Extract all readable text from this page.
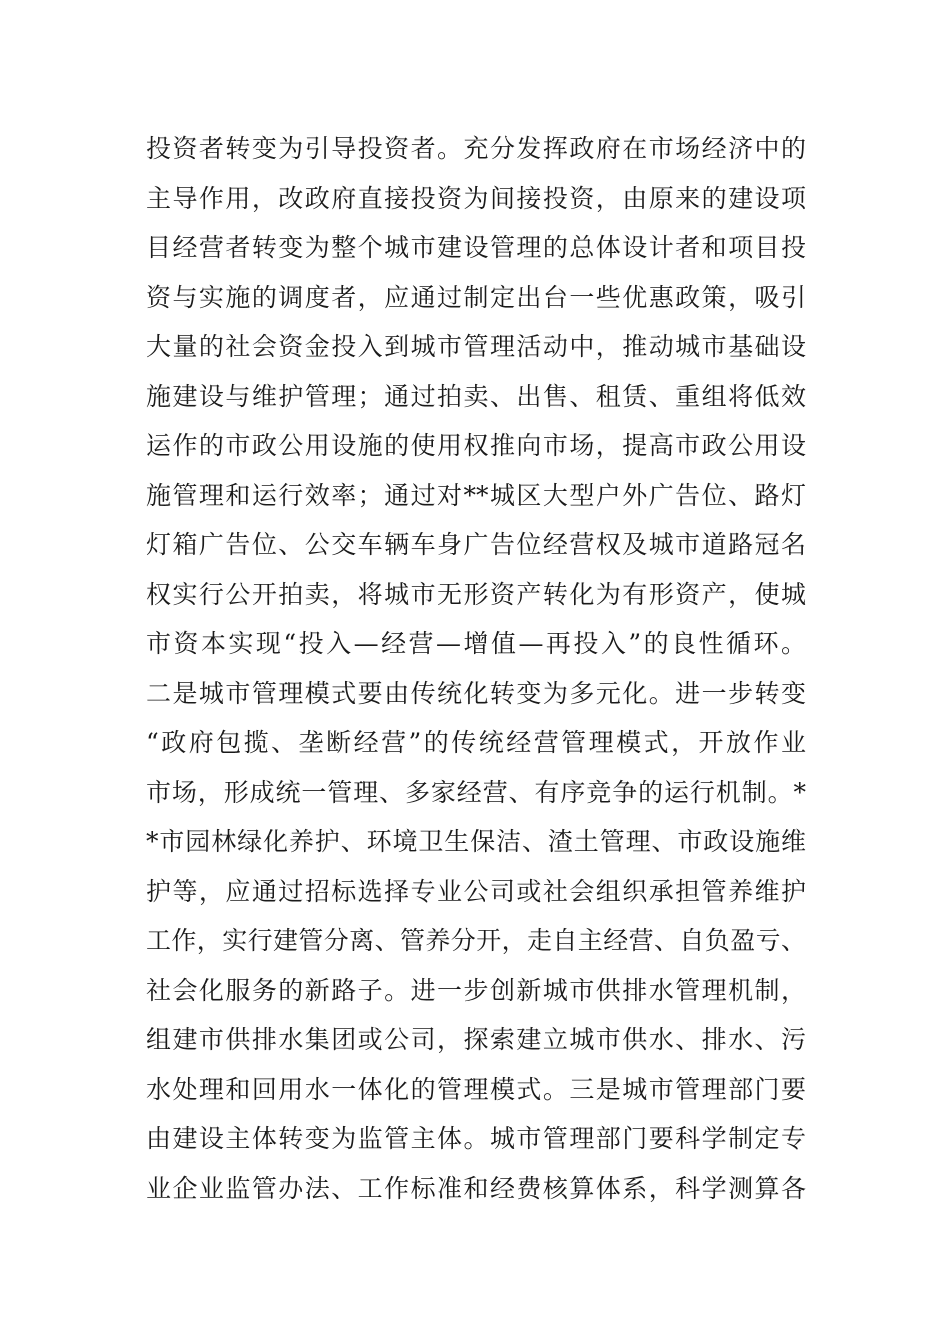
投资者转变为引导投资者。充分发挥政府在市场经济中的
主导作用，改政府直接投资为间接投资，由原来的建设项
目经营者转变为整个城市建设管理的总体设计者和项目投
资与实施的调度者，应通过制定出台一些优惠政策，吸引
大量的社会资金投入到城市管理活动中，推动城市基础设
施建设与维护管理；通过拍卖、出售、租赁、重组将低效
运作的市政公用设施的使用权推向市场，提高市政公用设
施管理和运行效率；通过对**城区大型户外广告位、路灯
灯箱广告位、公交车辆车身广告位经营权及城市道路冠名
权实行公开拍卖，将城市无形资产转化为有形资产，使城
市资本实现“投入—经营—增值—再投入”的良性循环。
二是城市管理模式要由传统化转变为多元化。进一步转变
“政府包揽、垄断经营”的传统经营管理模式，开放作业
市场，形成统一管理、多家经营、有序竞争的运行机制。*
*市园林绿化养护、环境卫生保洁、渣土管理、市政设施维
护等，应通过招标选择专业公司或社会组织承担管养维护
工作，实行建管分离、管养分开，走自主经营、自负盈亏、
社会化服务的新路子。进一步创新城市供排水管理机制，
组建市供排水集团或公司，探索建立城市供水、排水、污
水处理和回用水一体化的管理模式。三是城市管理部门要
由建设主体转变为监管主体。城市管理部门要科学制定专
业企业监管办法、工作标准和经费核算体系，科学测算各
